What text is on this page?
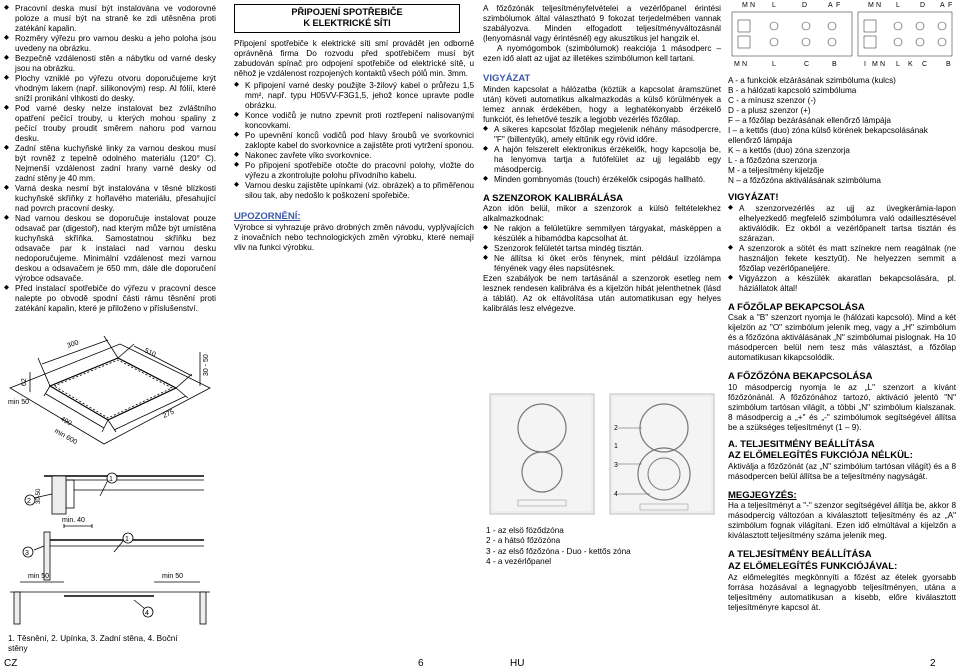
◆ Pracovní deska musí být instalována ve vodorovné poloze a musí být na straně ke zdi utěsněna proti zatékání kapalin.
◆ Rozměry výřezu pro varnou desku a jeho poloha jsou uvedeny na obrázku.
◆ Bezpečně vzdálenosti stěn a nábytku od varné desky jsou na obrázku.
◆ Plochy vzniklé po výřezu otvoru doporučujeme krýt vhodným lakem (např. silikonovým) resp. Al fólií, které sníží pronikání vlhkosti do desky.
◆ Pod varné desky nelze instalovat bez zvláštního opatření pečící trouby, u kterých mohou spaliny z pečící trouby proudit směrem nahoru pod varnou desku.
◆ Zadní stěna kuchyňské linky za varnou deskou musí být rovněž z tepelně odolného materiálu (120° C). Nejmenší vzdálenost zadní hrany varné desky od zadní stěny je 40 mm.
◆ Varná deska nesmí být instalována v těsné blízkosti kuchyňské skříňky z hořlavého materiálu, přesahující nad povrch pracovní desky.
◆ Nad varnou deskou se doporučuje instalovat pouze odsavač par (digestoř), nad kterým může být umístěna kuchyňská skříňka. Samostatnou skříňku bez odsavače par k instalaci nad varnou desku nedoporučujeme. Minimální vzdálenost mezi varnou deskou a odsavačem je 650 mm, dále dle doporučení výrobce odsavače.
◆ Před instalací spotřebiče do výřezu v pracovní desce nalepte po obvodě spodní části rámu těsnění proti zatékání kapalin, které je přiloženo v příslušenství.
300
510
30 - 50
62
min 50
490
min 600
275
2
1
30-50
min. 40
3
1
min 50	min 50
4
1. Těsnění, 2. Upínka, 3. Zadní stěna, 4. Boční stěny
PŘIPOJENÍ SPOTŘEBIČE
K ELEKTRICKÉ SÍTI

Připojení spotřebiče k elektrické síti smí provádět jen odborně oprávněná firma Do rozvodu před spotřebičem musí být zabudován spínač pro odpojení spotřebiče od elektrické sítě, u něhož je vzdálenost rozpojených kontaktů všech pólů min. 3mm.

◆ K připojení varné desky použijte 3-žilový kabel o průřezu 1,5 mm², např. typu H05VV-F3G1,5, jehož konce upravte podle obrázku.
◆ Konce vodičů je nutno zpevnit proti roztřepení nalisovanými koncovkami.
◆ Po upevnění konců vodičů pod hlavy šroubů ve svorkovnici zaklopte kabel do svorkovnice a zajistěte proti vytržení sponou.
◆ Nakonec zavřete víko svorkovnice.
◆ Po připojení spotřebiče otočte do pracovní polohy, vložte do výřezu a zkontrolujte polohu přívodního kabelu.
◆ Varnou desku zajistěte upínkami (viz. obrázek) a to přiměřenou silou tak, aby nedošlo k poškození spořebiče.
UPOZORNĚNÍ:

Výrobce si vyhrazuje právo drobných změn návodu, vyplývajících z inovačních nebo technologických změn výrobku, které nemají vliv na funkci výrobku.

A főzőzónák teljesítményfelvételei a vezérlőpanel érintési szimbólumok által választható 9 fokozat terjedelmében vannak szabályozva. Minden elfogadott teljesítményváltozásnál (lenyomásnál vagy érintésnél) egy akusztikus jel hangzik el.

A nyomógombok (szimbólumok) reakciója 1 másodperc – ezen idő alatt az ujjat az illetékes szimbólumon kell tartani.

VIGYÁZAT

Minden kapcsolat a hálózatba (köztük a kapcsolat áramszünet után) követi automatikus alkalmazkodás a külső körülmények a lemez annak érdekében, hogy a leghatékonyabb érzékelő funkciót, és lehetővé teszik a legjobb vezérlés főzőlap.

◆ A sikeres kapcsolat főzőlap megjelenik néhány másodpercre, "F" (billentyűk), amely eltűnik egy rövid időre.
◆ A hajón felszerelt elektronikus érzékelők, hogy kapcsolja be, ha lenyomva tartja a futófelület az ujj legalább egy másodpercig.
◆ Minden gombnyomás (touch) érzékelők csipogás hallható.
A SZENZOROK KALIBRÁLÁSA

Azon idön belül, mikor a szenzorok a külsö feltételekhez alkalmazkodnak:

◆ Ne rakjon a felületükre semmilyen tárgyakat, másképpen a készülék a hibamódba kapcsolhat át.
◆ Szenzorok felületét tartsa mindég tisztán.
◆ Ne állítsa ki öket erös fénynek, mint például izzólámpa fényének vagy éles napsütésnek.

Ezen szabályok be nem tartásánál a szenzorok esetleg nem lesznek rendesen kalibrálva és a kijelzön hibát jelenthetnek (lásd a táblát). Az ok eltávolítása után automatikusan egy helyes kalibrálás lesz elvégezve.

2
3
4
1
1 - az elsö föződzóna
2 - a hátsó főzözóna
3 - az első főzőzóna - Duo - kettős zóna
4 - a vezérlőpanel
M N L	D	A F	M N L	D A F
M N	L	C	B	I M N L K C	B
A - a funkciók elzárásának szimbóluma (kulcs)
B - a hálózati kapcsoló szimbóluma
C - a mínusz szenzor (-)
D - a plusz szenzor (+)
F – a főzőlap bezárásának ellenőrző lámpája
I – a kettős (duo) zóna külső körének bekapcsolásának ellenőrző lámpája
K – a kettős (duo) zóna szenzorja
L - a főzőzóna szenzorja
M - a teljesítmény kijelzője
N – a főzőzóna aktiválásának szimbóluma
VIGYÁZAT!
◆ A szenzorvezérlés az ujj az üvegkerámia-lapon elhelyezkedő megfelelő szimbólumra való odaillesztésével aktiválódik. Ez okból a vezérlőpanelt tartsa tisztán és szárazan.
◆ A szenzorok a sötét és matt színekre nem reagálnak (ne használjon fekete kesztyűt). Ne helyezzen semmit a főzőlap vezérlőpaneljére.
◆ Vigyázzon a készülék akaratlan bekapcsolására, pl. háziállatok által!
A FŐZŐLAP BEKAPCSOLÁSA

Csak a "B" szenzort nyomja le (hálózati kapcsoló). Mind a két kijelzön az "O" szimbólum jelenik meg, vagy a „H" szimbólum és a főzőzóna aktiválásának „N" szimbólumai pislognak. Ha 10 másodpercen belül nem tesz más választást, a főzőlap automatikusan kikapcsolódik.

A FŐZŐZÓNA BEKAPCSOLÁSA

10 másodpercig nyomja le az „L" szenzort a kívánt főzőzónánál. A főzőzónához tartozó, aktiváció jelentö "N" szimbólum tartósan világít, a többi „N" szimbólum kialszanak. 8 másodpercig a „+" és „-" szimbólumok segítségével állítsa be a szükséges teljesítményt (1 – 9).

A. TELJESITMÉNY BEÁLLÍTÁSA
AZ ELŐMELEGÍTÉS FUKCIÓJA NÉLKÜL:

Aktiválja a főzőzónát (az „N" szimbólum tartósan világít) és a 8 másodpercen belül állítsa be a teljesítmény nagyságát.

MEGJEGYZÉS:

Ha a teljesítményt a "-" szenzor segítségével állítja be, akkor 8 másodpercig változóan a kiválasztott teljesítmény és az „A" szimbólum fognak világítani. Ezen idő elmúltával a kijelzőn a kiválasztott teljesítmény száma jelenik meg.

A TELJESÍTMÉNY BEÁLLÍTÁSA
AZ ELŐMELEGÍTÉS FUNKCIÓJÁVAL:

Az előmelegítés megkönnyíti a főzést az ételek gyorsabb forrása hozásával a legnagyobb teljesítményen, utána a teljesítmény automatikusan a kisebb, előre kiválasztott teljesítményre kapcsol át.

CZ	6	HU	2
